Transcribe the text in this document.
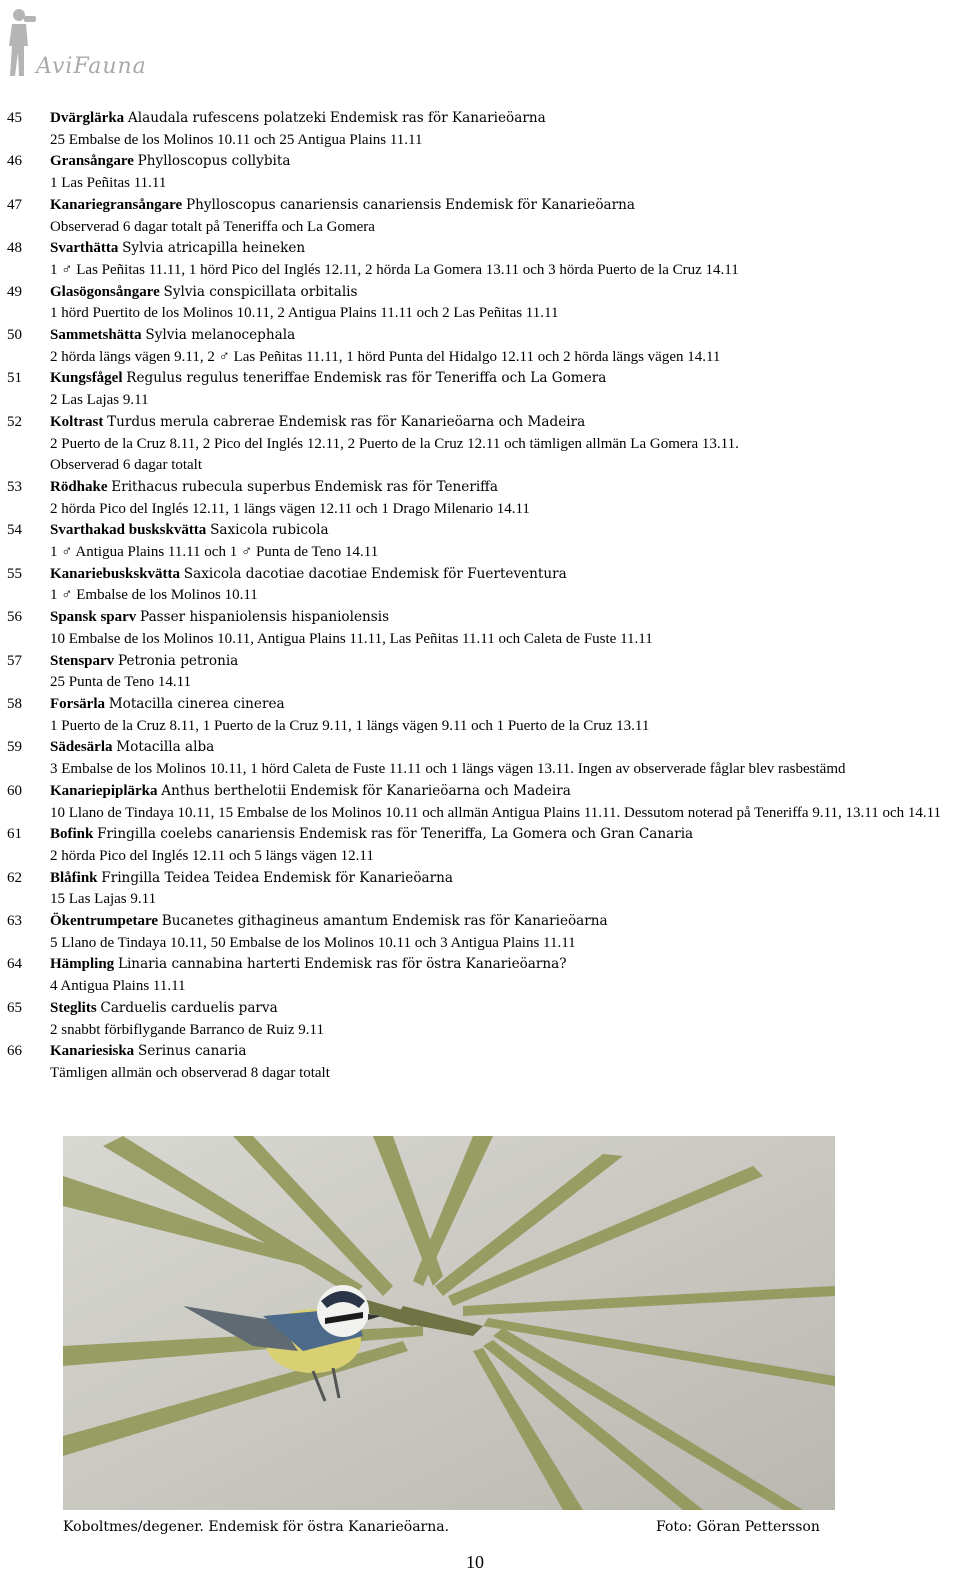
AviFauna
45	Dvärglärka Alaudala rufescens polatzeki Endemisk ras för Kanarieöarna
25 Embalse de los Molinos 10.11 och 25 Antigua Plains 11.11
46	Gransångare Phylloscopus collybita
1 Las Peñitas 11.11
47	Kanariegransångare Phylloscopus canariensis canariensis Endemisk för Kanarieöarna
Observerad 6 dagar totalt på Teneriffa och La Gomera
48	Svarthätta Sylvia atricapilla heineken
1 ♂ Las Peñitas 11.11, 1 hörd Pico del Inglés 12.11, 2 hörda La Gomera 13.11 och 3 hörda Puerto de la Cruz 14.11
49	Glasögonsångare Sylvia conspicillata orbitalis
1 hörd Puertito de los Molinos 10.11, 2 Antigua Plains 11.11 och 2 Las Peñitas 11.11
50	Sammetshätta Sylvia melanocephala
2 hörda längs vägen 9.11, 2 ♂ Las Peñitas 11.11, 1 hörd Punta del Hidalgo 12.11 och 2 hörda längs vägen 14.11
51	Kungsfågel Regulus regulus teneriffae Endemisk ras för Teneriffa och La Gomera
2 Las Lajas 9.11
52	Koltrast Turdus merula cabrerae Endemisk ras för Kanarieöarna och Madeira
2 Puerto de la Cruz 8.11, 2 Pico del Inglés 12.11, 2 Puerto de la Cruz 12.11 och tämligen allmän La Gomera 13.11.
Observerad 6 dagar totalt
53	Rödhake Erithacus rubecula superbus Endemisk ras för Teneriffa
2 hörda Pico del Inglés 12.11, 1 längs vägen 12.11 och 1 Drago Milenario 14.11
54	Svarthakad buskskvätta Saxicola rubicola
1 ♂ Antigua Plains 11.11 och 1 ♂ Punta de Teno 14.11
55	Kanariebuskskvätta Saxicola dacotiae dacotiae Endemisk för Fuerteventura
1 ♂ Embalse de los Molinos 10.11
56	Spansk sparv Passer hispaniolensis hispaniolensis
10 Embalse de los Molinos 10.11, Antigua Plains 11.11, Las Peñitas 11.11 och Caleta de Fuste 11.11
57	Stensparv Petronia petronia
25 Punta de Teno 14.11
58	Forsärla Motacilla cinerea cinerea
1 Puerto de la Cruz 8.11, 1 Puerto de la Cruz 9.11, 1 längs vägen 9.11 och 1 Puerto de la Cruz 13.11
59	Sädesärla Motacilla alba
3 Embalse de los Molinos 10.11, 1 hörd Caleta de Fuste 11.11 och 1 längs vägen 13.11. Ingen av observerade fåglar blev rasbestämd
60	Kanariepiplärka Anthus berthelotii Endemisk för Kanarieöarna och Madeira
10 Llano de Tindaya 10.11, 15 Embalse de los Molinos 10.11 och allmän Antigua Plains 11.11. Dessutom noterad på Teneriffa 9.11, 13.11 och 14.11
61	Bofink Fringilla coelebs canariensis Endemisk ras för Teneriffa, La Gomera och Gran Canaria
2 hörda Pico del Inglés 12.11 och 5 längs vägen 12.11
62	Blåfink Fringilla Teidea Teidea Endemisk för Kanarieöarna
15 Las Lajas 9.11
63	Ökentrumpetare Bucanetes githagineus amantum Endemisk ras för Kanarieöarna
5 Llano de Tindaya 10.11, 50 Embalse de los Molinos 10.11 och 3 Antigua Plains 11.11
64	Hämpling Linaria cannabina harterti Endemisk ras för östra Kanarieöarna?
4 Antigua Plains 11.11
65	Steglits Carduelis carduelis parva
2 snabbt förbiflygande Barranco de Ruiz 9.11
66	Kanariesiska Serinus canaria
Tämligen allmän och observerad 8 dagar totalt
Koboltmes/degener. Endemisk för östra Kanarieöarna.	Foto: Göran Pettersson
10
